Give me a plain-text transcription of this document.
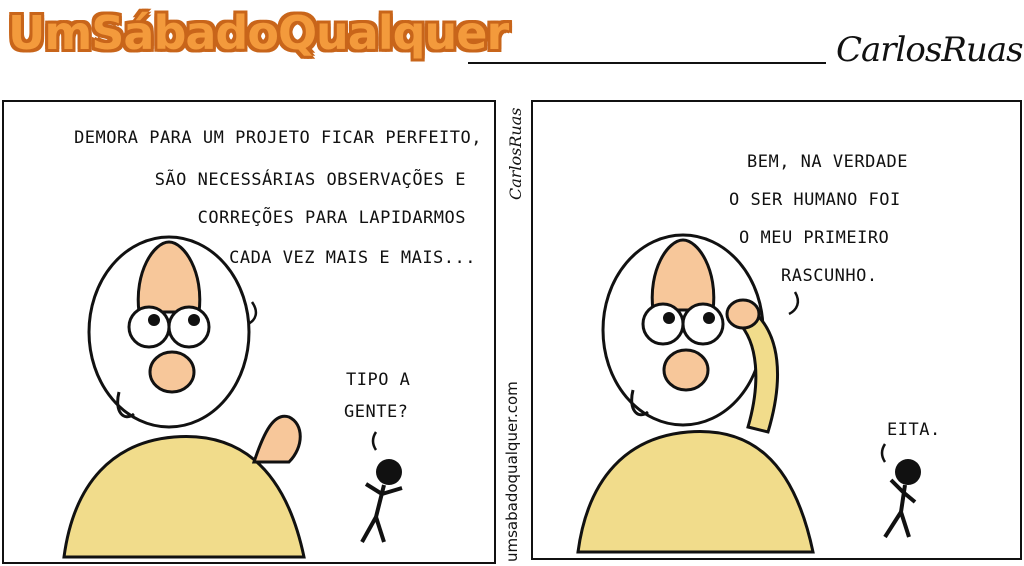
UmSábadoQualquer	CarlosRuas
CarlosRuas
umsabadoqualquer.com
DEMORA PARA UM PROJETO FICAR PERFEITO,
SÃO NECESSÁRIAS OBSERVAÇÕES E
CORREÇÕES PARA LAPIDARMOS
CADA VEZ MAIS E MAIS...
TIPO A
GENTE?
BEM, NA VERDADE
O SER HUMANO FOI
O MEU PRIMEIRO
RASCUNHO.
EITA.
